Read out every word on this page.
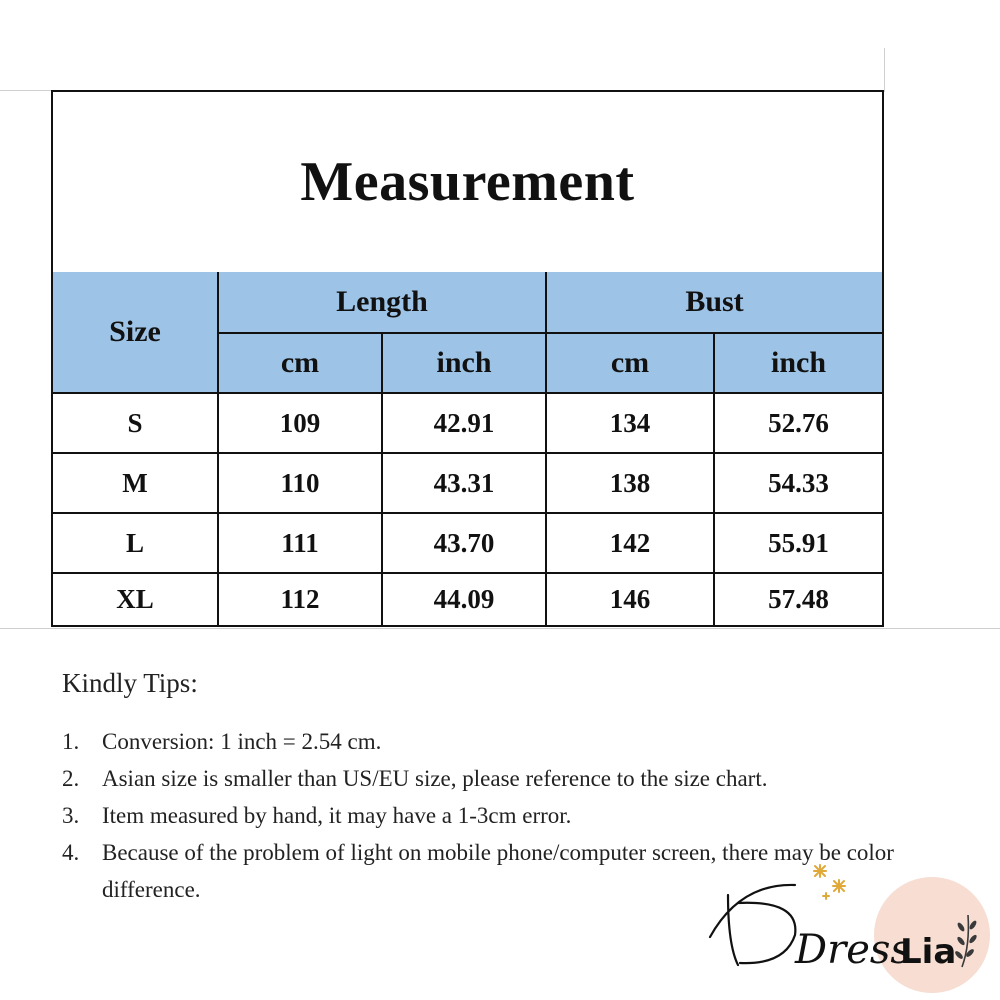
Measurement
Size
Length	Bust
cm	inch	cm	inch
S	109	42.91	134	52.76
M	110	43.31	138	54.33
L	111	43.70	142	55.91
XL	112	44.09	146	57.48
Kindly Tips:
1. Conversion: 1 inch = 2.54 cm.
2. Asian size is smaller than US/EU size, please reference to the size chart.
3. Item measured by hand, it may have a 1-3cm error.
4. Because of the problem of light on mobile phone/computer screen, there may be color difference.
Dress
Lia
